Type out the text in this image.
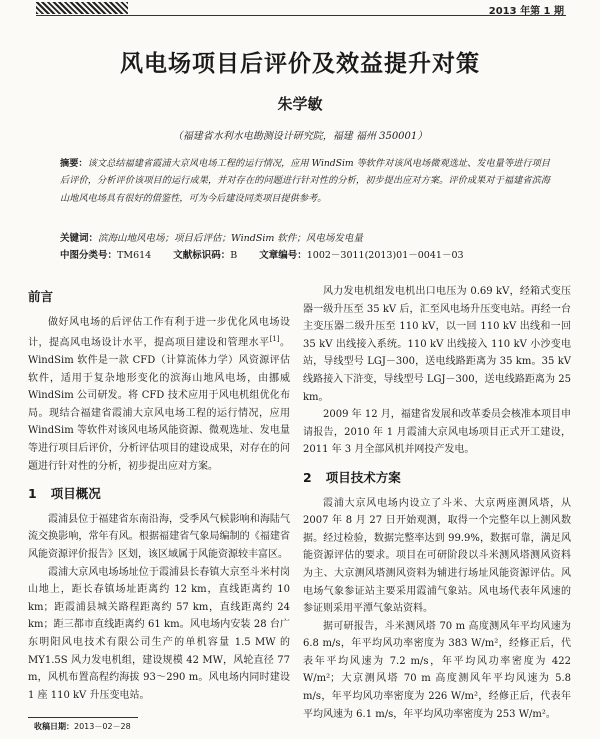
2013 年第 1 期
风电场项目后评价及效益提升对策
朱学敏
（福建省水利水电勘测设计研究院，福建 福州 350001）
摘要：该文总结福建省霞浦大京风电场工程的运行情况，应用 WindSim 等软件对该风电场微观选址、发电量等进行项目后评价，分析评价该项目的运行成果，并对存在的问题进行针对性的分析，初步提出应对方案。评价成果对于福建省滨海山地风电场具有很好的借鉴性，可为今后建设同类项目提供参考。
关键词：滨海山地风电场；项目后评估；WindSim 软件；风电场发电量
中图分类号：TM614 文献标识码：B 文章编号：1002－3011(2013)01－0041－03
前言

做好风电场的后评估工作有利于进一步优化风电场设计，提高风电场设计水平，提高项目建设和管理水平[1]。WindSim 软件是一款 CFD（计算流体力学）风资源评估软件，适用于复杂地形变化的滨海山地风电场，由挪威 WindSim 公司研发。将 CFD 技术应用于风电机组优化布局。现结合福建省霞浦大京风电场工程的运行情况，应用 WindSim 等软件对该风电场风能资源、微观选址、发电量等进行项目后评价，分析评估项目的建设成果，对存在的问题进行针对性的分析，初步提出应对方案。

1 项目概况

霞浦县位于福建省东南沿海，受季风气候影响和海陆气流交换影响，常年有风。根据福建省气象局编制的《福建省风能资源评价报告》区划，该区域属于风能资源较丰富区。

霞浦大京风电场场址位于霞浦县长春镇大京至斗米村岗山地上，距长春镇场址距离约 12 km，直线距离约 10 km；距霞浦县城关路程距离约 57 km，直线距离约 24 km；距三都市直线距离约 61 km。风电场内安装 28 台广东明阳风电技术有限公司生产的单机容量 1.5 MW 的 MY1.5S 风力发电机组，建设规模 42 MW，风轮直径 77 m，风机布置高程约海拔 93～290 m。风电场内同时建设 1 座 110 kV 升压变电站。

风力发电机组发电机出口电压为 0.69 kV，经箱式变压器一级升压至 35 kV 后，汇至风电场升压变电站。再经一台主变压器二级升压至 110 kV，以一回 110 kV 出线和一回 35 kV 出线接入系统。110 kV 出线接入 110 kV 小沙变电站，导线型号 LGJ－300，送电线路距离为 35 km。35 kV 线路接入下浒变，导线型号 LGJ－300，送电线路距离为 25 km。

2009 年 12 月，福建省发展和改革委员会核准本项目申请报告，2010 年 1 月霞浦大京风电场项目正式开工建设，2011 年 3 月全部风机并网投产发电。

2 项目技术方案

霞浦大京风电场内设立了斗米、大京两座测风塔，从 2007 年 8 月 27 日开始观测，取得一个完整年以上测风数据。经过检验，数据完整率达到 99.9%，数据可靠，满足风能资源评估的要求。项目在可研阶段以斗米测风塔测风资料为主、大京测风塔测风资料为辅进行场址风能资源评估。风电场气象参证站主要采用霞浦气象站。风电场代表年风速的参证则采用平潭气象站资料。

据可研报告，斗米测风塔 70 m 高度测风年平均风速为 6.8 m/s，年平均风功率密度为 383 W/m²，经修正后，代表年平均风速为 7.2 m/s，年平均风功率密度为 422 W/m²；大京测风塔 70 m 高度测风年平均风速为 5.8 m/s，年平均风功率密度为 226 W/m²，经修正后，代表年平均风速为 6.1 m/s，年平均风功率密度为 253 W/m²。

收稿日期：2013－02－28
